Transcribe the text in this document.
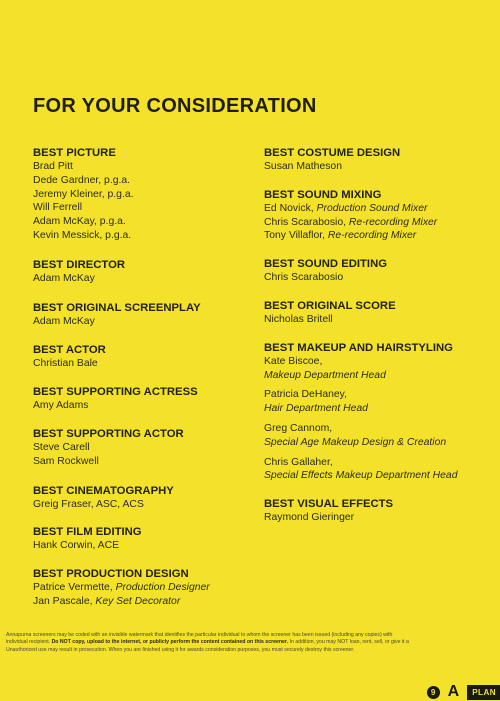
FOR YOUR CONSIDERATION
BEST PICTURE
Brad Pitt
Dede Gardner, p.g.a.
Jeremy Kleiner, p.g.a.
Will Ferrell
Adam McKay, p.g.a.
Kevin Messick, p.g.a.
BEST DIRECTOR
Adam McKay
BEST ORIGINAL SCREENPLAY
Adam McKay
BEST ACTOR
Christian Bale
BEST SUPPORTING ACTRESS
Amy Adams
BEST SUPPORTING ACTOR
Steve Carell
Sam Rockwell
BEST CINEMATOGRAPHY
Greig Fraser, ASC, ACS
BEST FILM EDITING
Hank Corwin, ACE
BEST PRODUCTION DESIGN
Patrice Vermette, Production Designer
Jan Pascale, Key Set Decorator
BEST COSTUME DESIGN
Susan Matheson
BEST SOUND MIXING
Ed Novick, Production Sound Mixer
Chris Scarabosio, Re-recording Mixer
Tony Villaflor, Re-recording Mixer
BEST SOUND EDITING
Chris Scarabosio
BEST ORIGINAL SCORE
Nicholas Britell
BEST MAKEUP AND HAIRSTYLING
Kate Biscoe,
Makeup Department Head
Patricia DeHaney,
Hair Department Head
Greg Cannom,
Special Age Makeup Design & Creation
Chris Gallaher,
Special Effects Makeup Department Head
BEST VISUAL EFFECTS
Raymond Gieringer
Annapurna screeners may be coded with an invisible watermark that identifies the particular individual to whom the screener has been issued (including any copies) with
individual recipient. Do NOT copy, upload to the internet, or publicly perform the content contained on this screener. In addition, you may NOT loan, rent, sell, or give it a
Unauthorized use may result in prosecution. When you are finished using it for awards consideration purposes, you must securely destroy this screener.
9 A	PLAN
